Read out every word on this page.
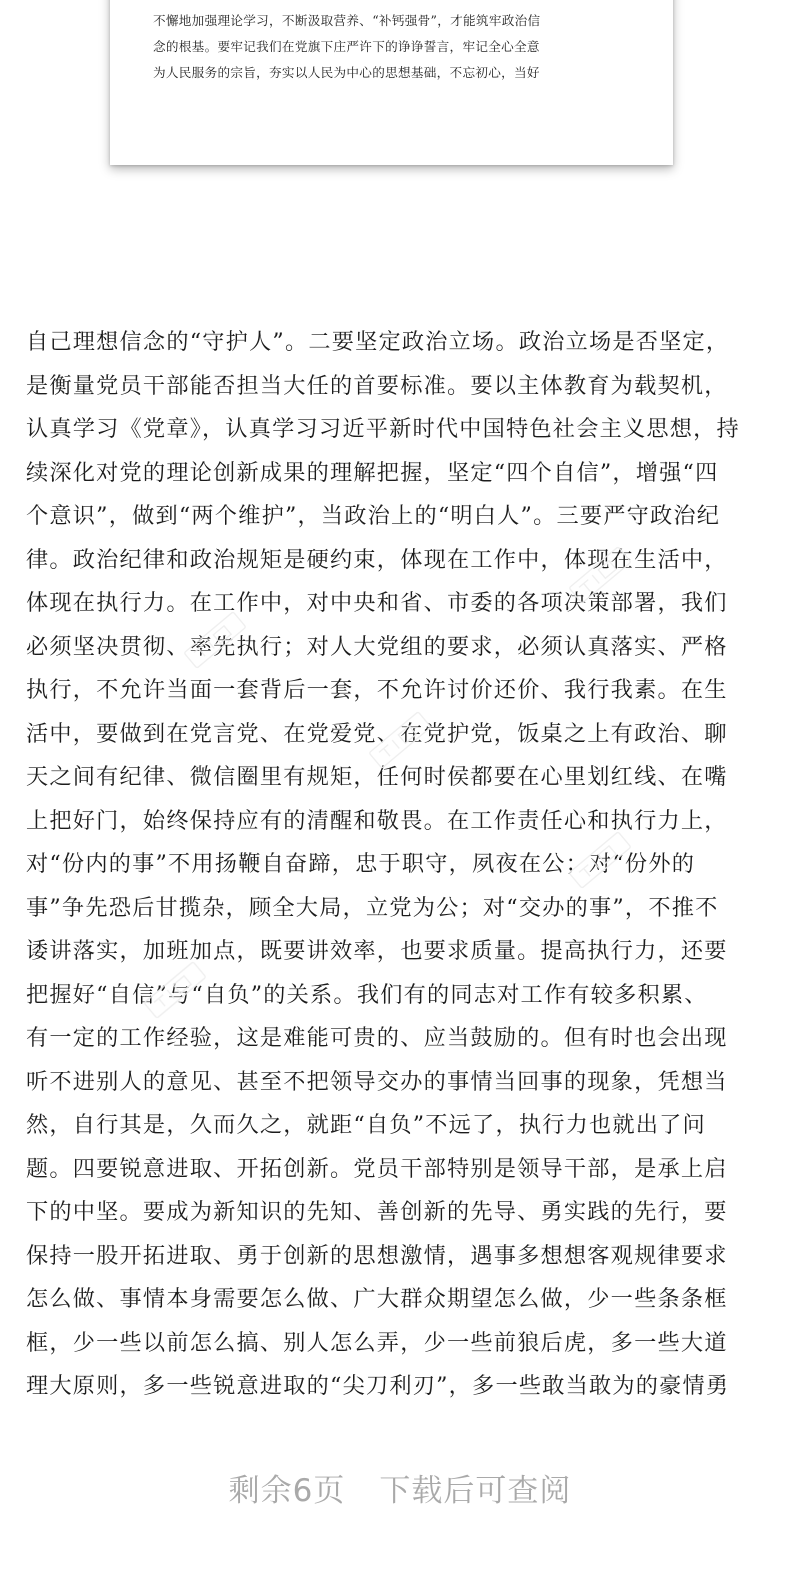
不懈地加强理论学习，不断汲取营养、“补钙强骨”，才能筑牢政治信
念的根基。要牢记我们在党旗下庄严许下的诤诤誓言，牢记全心全意
为人民服务的宗旨，夯实以人民为中心的思想基础，不忘初心，当好
自己理想信念的“守护人”。二要坚定政治立场。政治立场是否坚定，
是衡量党员干部能否担当大任的首要标准。要以主体教育为载契机，
认真学习《党章》，认真学习习近平新时代中国特色社会主义思想，持
续深化对党的理论创新成果的理解把握，坚定“四个自信”，增强“四
个意识”，做到“两个维护”，当政治上的“明白人”。三要严守政治纪
律。政治纪律和政治规矩是硬约束，体现在工作中，体现在生活中，
体现在执行力。在工作中，对中央和省、市委的各项决策部署，我们
必须坚决贯彻、率先执行；对人大党组的要求，必须认真落实、严格
执行，不允许当面一套背后一套，不允许讨价还价、我行我素。在生
活中，要做到在党言党、在党爱党、在党护党，饭桌之上有政治、聊
天之间有纪律、微信圈里有规矩，任何时侯都要在心里划红线、在嘴
上把好门，始终保持应有的清醒和敬畏。在工作责任心和执行力上，
对“份内的事”不用扬鞭自奋蹄，忠于职守，夙夜在公；对“份外的
事”争先恐后甘揽杂，顾全大局，立党为公；对“交办的事”，不推不
诿讲落实，加班加点，既要讲效率，也要求质量。提高执行力，还要
把握好“自信”与“自负”的关系。我们有的同志对工作有较多积累、
有一定的工作经验，这是难能可贵的、应当鼓励的。但有时也会出现
听不进别人的意见、甚至不把领导交办的事情当回事的现象，凭想当
然，自行其是，久而久之，就距“自负”不远了，执行力也就出了问
题。四要锐意进取、开拓创新。党员干部特别是领导干部，是承上启
下的中坚。要成为新知识的先知、善创新的先导、勇实践的先行，要
保持一股开拓进取、勇于创新的思想激情，遇事多想想客观规律要求
怎么做、事情本身需要怎么做、广大群众期望怎么做，少一些条条框
框，少一些以前怎么搞、别人怎么弄，少一些前狼后虎，多一些大道
理大原则，多一些锐意进取的“尖刀利刃”，多一些敢当敢为的豪情勇
剩余6页 下载后可查阅
